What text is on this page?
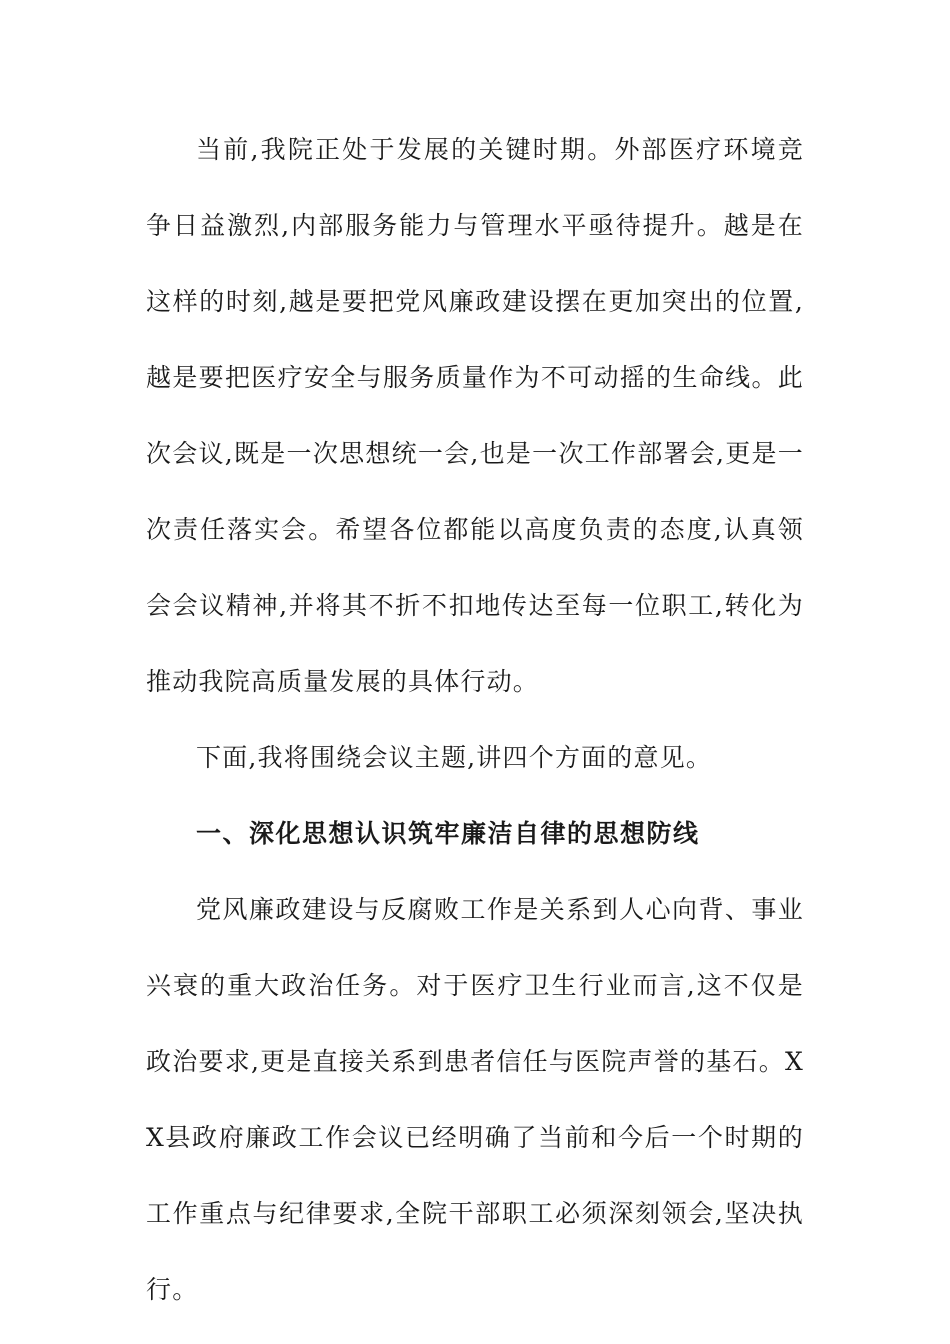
当前,我院正处于发展的关键时期。外部医疗环境竞争日益激烈,内部服务能力与管理水平亟待提升。越是在这样的时刻,越是要把党风廉政建设摆在更加突出的位置,越是要把医疗安全与服务质量作为不可动摇的生命线。此次会议,既是一次思想统一会,也是一次工作部署会,更是一次责任落实会。希望各位都能以高度负责的态度,认真领会会议精神,并将其不折不扣地传达至每一位职工,转化为推动我院高质量发展的具体行动。

下面,我将围绕会议主题,讲四个方面的意见。

一、深化思想认识筑牢廉洁自律的思想防线

党风廉政建设与反腐败工作是关系到人心向背、事业兴衰的重大政治任务。对于医疗卫生行业而言,这不仅是政治要求,更是直接关系到患者信任与医院声誉的基石。XX县政府廉政工作会议已经明确了当前和今后一个时期的工作重点与纪律要求,全院干部职工必须深刻领会,坚决执行。
